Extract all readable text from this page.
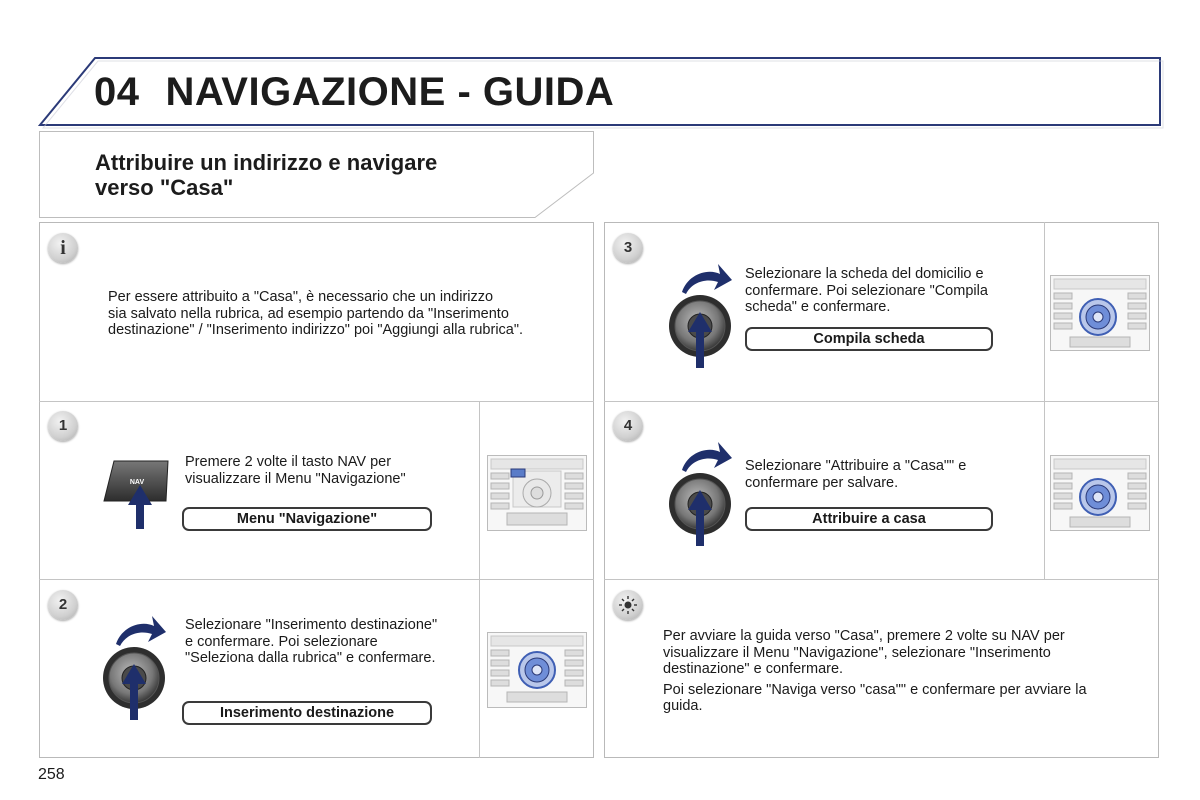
04 NAVIGAZIONE - GUIDA
Attribuire un indirizzo e navigare
verso "Casa"
i
Per essere attribuito a "Casa", è necessario che un indirizzo
sia salvato nella rubrica, ad esempio partendo da "Inserimento
destinazione" / "Inserimento indirizzo" poi "Aggiungi alla rubrica".
1
NAV
Premere 2 volte il tasto NAV per
visualizzare il Menu "Navigazione"
Menu "Navigazione"
2
Selezionare "Inserimento destinazione"
e confermare. Poi selezionare
"Seleziona dalla rubrica" e confermare.
Inserimento destinazione
3
Selezionare la scheda del domicilio e
confermare. Poi selezionare "Compila
scheda" e confermare.
Compila scheda
4
Selezionare "Attribuire a "Casa"" e
confermare per salvare.
Attribuire a casa
Per avviare la guida verso "Casa", premere 2 volte su NAV per
visualizzare il Menu "Navigazione", selezionare "Inserimento
destinazione" e confermare.
Poi selezionare "Naviga verso "casa"" e confermare per avviare la
guida.
258
